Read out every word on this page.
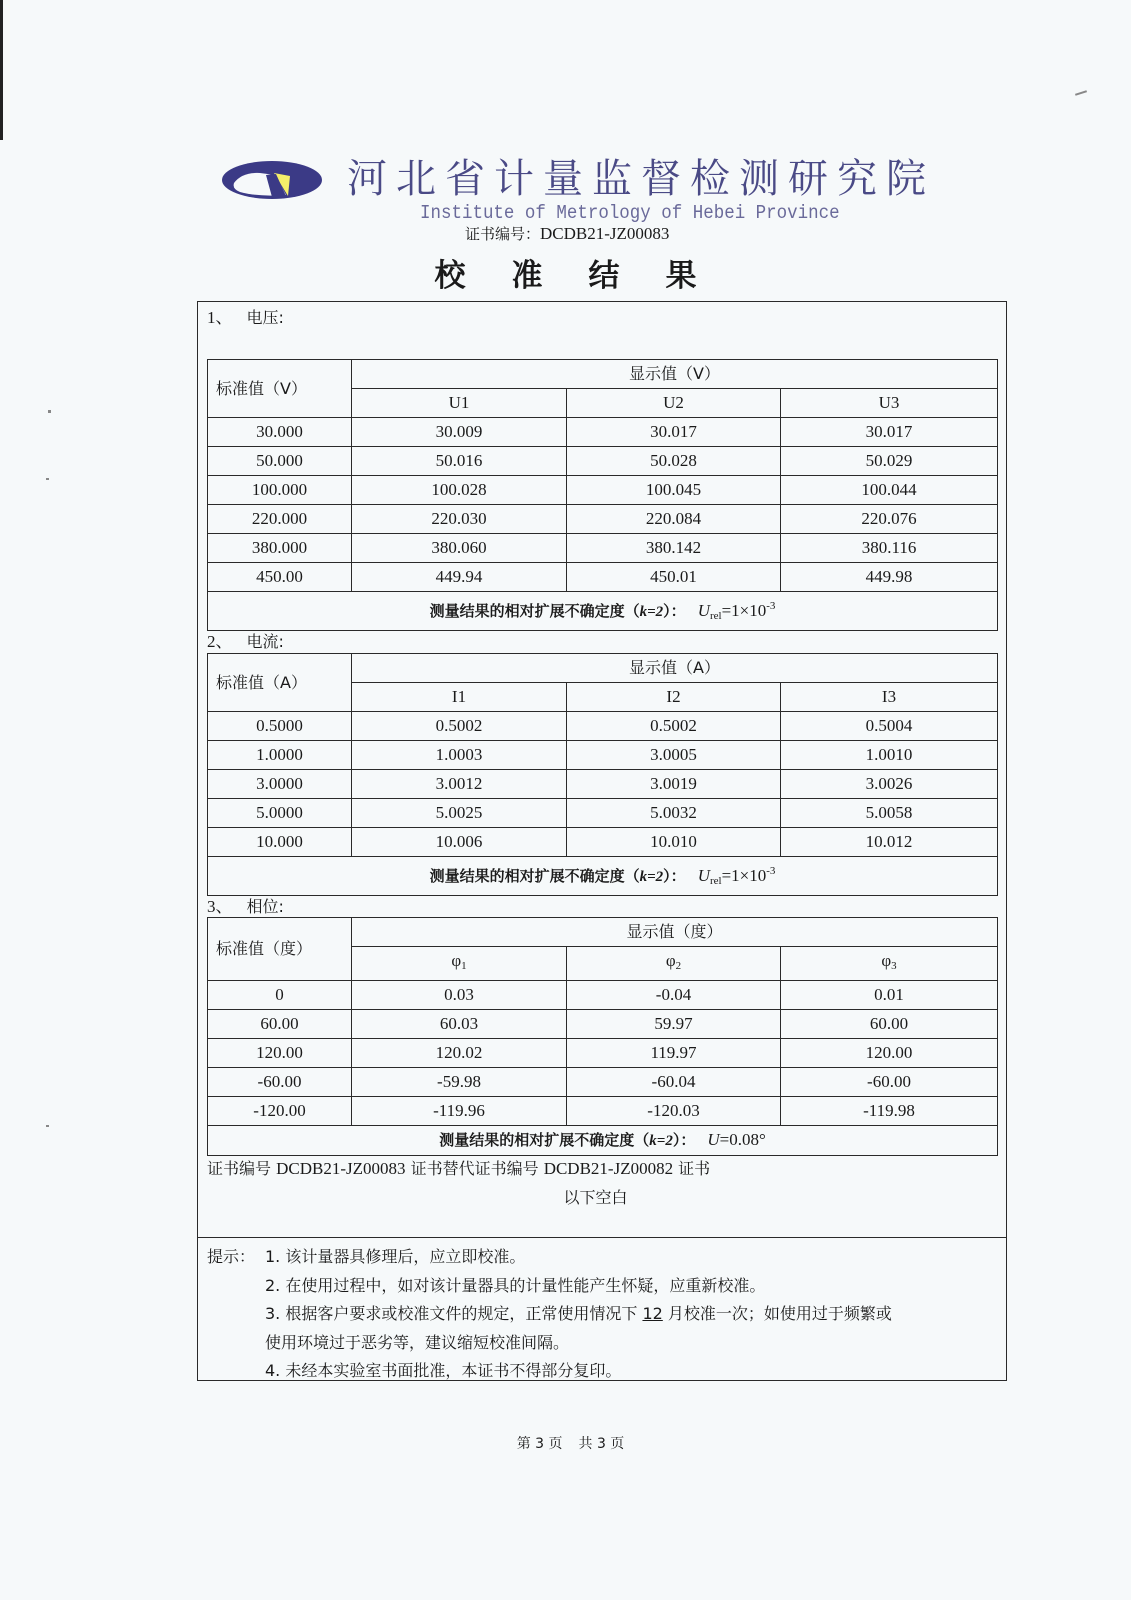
河北省计量监督检测研究院
Institute of Metrology of Hebei Province
证书编号：DCDB21-JZ00083
校准结果
1、 电压:
标准值（V）	显示值（V）		
	U1	U2	U3
30.000	30.009	30.017	30.017
50.000	50.016	50.028	50.029
100.000	100.028	100.045	100.044
220.000	220.030	220.084	220.076
380.000	380.060	380.142	380.116
450.00	449.94	450.01	449.98
测量结果的相对扩展不确定度（k=2）： $U_{rel}=1\times 10^{-3}$
2、 电流:
标准值（A）	显示值（A）		
	I1	I2	I3
0.5000	0.5002	0.5002	0.5004
1.0000	1.0003	3.0005	1.0010
3.0000	3.0012	3.0019	3.0026
5.0000	5.0025	5.0032	5.0058
10.000	10.006	10.010	10.012
测量结果的相对扩展不确定度（k=2）： $U_{rel}=1\times 10^{-3}$
3、 相位:
标准值（度）	显示值（度）		
	φ1	φ2	φ3
0	0.03	-0.04	0.01
60.00	60.03	59.97	60.00
120.00	120.02	119.97	120.00
-60.00	-59.98	-60.04	-60.00
-120.00	-119.96	-120.03	-119.98
测量结果的相对扩展不确定度（k=2）： U=0.08°			
证书编号 DCDB21-JZ00083 证书替代证书编号 DCDB21-JZ00082 证书
以下空白
提示： 1. 该计量器具修理后，应立即校准。
2. 在使用过程中，如对该计量器具的计量性能产生怀疑，应重新校准。
3. 根据客户要求或校准文件的规定，正常使用情况下 12 月校准一次；如使用过于频繁或
使用环境过于恶劣等，建议缩短校准间隔。
4. 未经本实验室书面批准，本证书不得部分复印。
第 3 页 共 3 页
